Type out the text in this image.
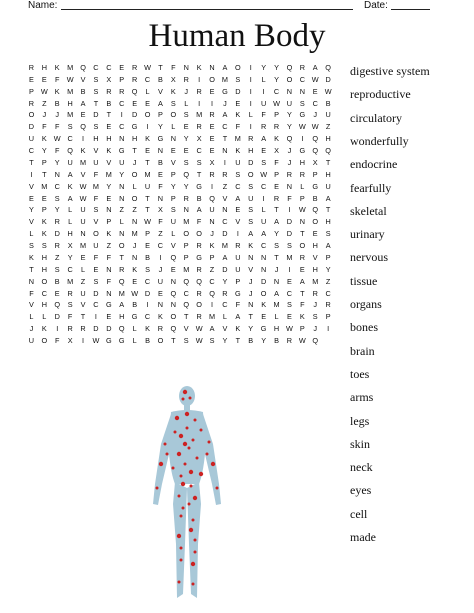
Name:	Date:
Human Body
R	H	K	M Q	C	C	E	R W T	F	N	K	N	A	O	I	Y	Y	Q	R	A	Q
E	E	F W V	S	X	P	R	C	B	X	R	I	O M	S	I	L	Y	O	C W D
P W K	M	B	S	R	R	Q	L	V	K	J	R	E	G	D	I	I	C	N	N	E W
R	Z	B	H	A	T	B	C	E	E	A	S	L	I	I	J	E	I	U W U	S	C	B
O	J	J	M	E	D	T	I	D	O	P	O	S	M R	A	K	L	F	P	Y	G	J	U
D	F	F	S	Q	S	E	C	G	I	Y	L	E	R	E	C	F	I	R	R	Y W W Z
U	K W C	I	H	H	N	H	K	G	N	Y	X	E	T	M R	A	K	Q	I	Q	H
C	Y	F	Q	K	V	K	G	T	E	N	E	E	C	E	N	K	H	E	X	J	G Q Q
T	P	Y	U M U	V	U	J	T	B	V	S	S	X	I	U	D	S	F	J	H	X	T
I	T	N	A	V	F	M	Y	O M	E	P	Q	T	R	R	S	O W P	R	R	P	H
V	M C	K W M	Y	N	L	U	F	Y	Y	G	I	Z	C	S	C	E	N	L	G	U
E	E	S	A W F	E	N	O	T	N	P	R	B	Q	V	A	U	I	R	F	P	B	A
Y	P	Y	L	U	S	N	Z	Z	T	X	S	N	A	U	N	E	S	L	T	I	W Q	T
V	K	R	L	U	V	P	L	N W F	U M	F	N	C	V	S	U	A	D	N	O	H
L	K	D	H	N	O	K	N M	P	Z	L	O O	J	D	I	A	A	Y	D	T	E	S
S	S	R	X	M U	Z	O	J	E	C	V	P	R	K	M R	K	C	S	S	O	H	A
K	H	Z	Y	E	F	F	T	N	B	I	Q	P	G	P	A	U	N	N	T	M R	V	P
T	H	S	C	L	E	N	R	K	S	J	E	M R	Z	D	U	V	N	J	I	E	H	Y
N	O	B	M	Z	S	F	Q	E	C	U	N	Q Q	C	Y	P	J	D	N	E	A	M	Z
F	C	E	R	U	D	N M W D	E	Q	C	R	Q	R	G	J	O	A	C	T	R	C
V	H	Q	S	V	C	G	A	B	I	N	N	Q O	I	C	F	N	K	M	S	F	J	R
L	L	D	F	T	I	E	H	G	C	K	O	T	R M	L	A	T	E	L	E	K	S	P
J	K	I	R	R	D	D	Q	L	K	R	Q	V W A	V	K	Y	G	H W P	J	I
U	O	F	X	I	W G G	L	B	O	T	S W S	Y	T	B	Y	B	R W Q
digestive system
reproductive
circulatory
wonderfully
endocrine
fearfully
skeletal
urinary
nervous
tissue
organs
bones
brain
toes
arms
legs
skin
neck
eyes
cell
made
